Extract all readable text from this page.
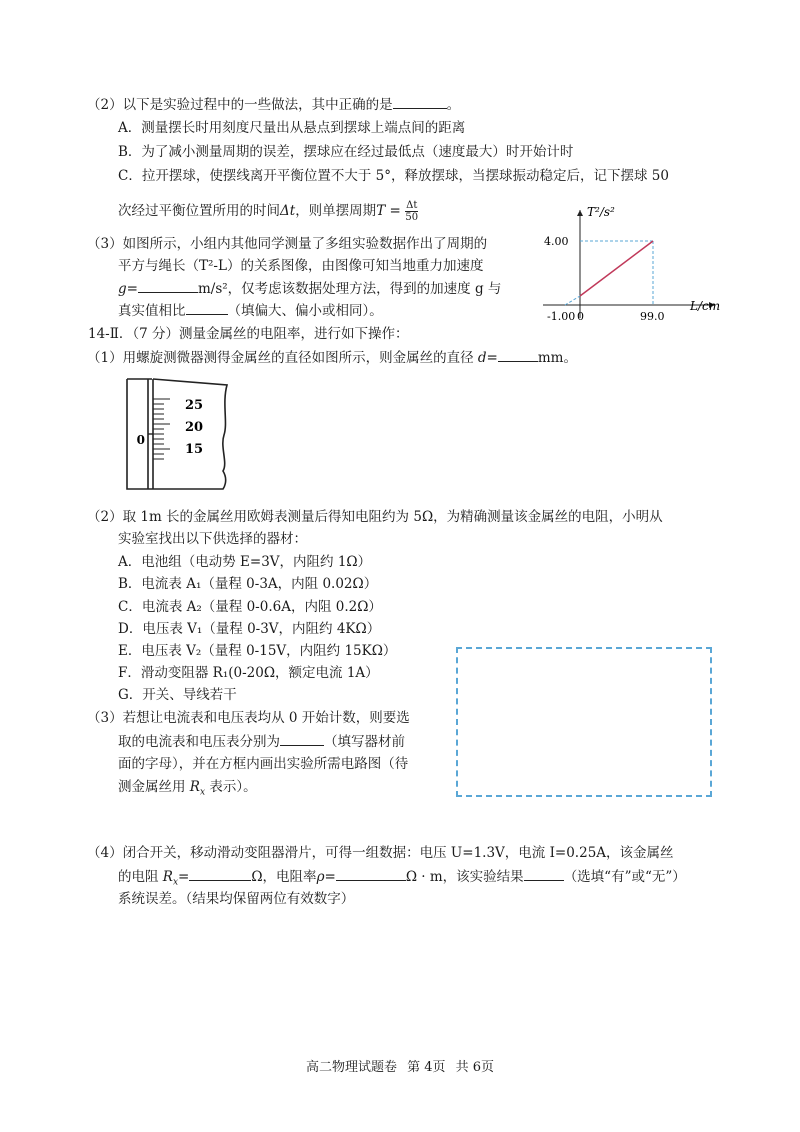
（2）以下是实验过程中的一些做法，其中正确的是	。
A．测量摆长时用刻度尺量出从悬点到摆球上端点间的距离
B．为了减小测量周期的误差，摆球应在经过最低点（速度最大）时开始计时
C．拉开摆球，使摆线离开平衡位置不大于 5°，释放摆球，当摆球振动稳定后，记下摆球 50
次经过平衡位置所用的时间Δt，则单摆周期$T = \frac{\Delta t}{50}$
（3）如图所示，小组内其他同学测量了多组实验数据作出了周期的
平方与绳长（T²-L）的关系图像，由图像可知当地重力加速度
g=	m/s²，仅考虑该数据处理方法，得到的加速度 g 与
真实值相比	（填偏大、偏小或相同）。
T²/s²
4.00
-1.00 0	99.0
L/cm
14-Ⅱ．（7 分）测量金属丝的电阻率，进行如下操作：
（1）用螺旋测微器测得金属丝的直径如图所示，则金属丝的直径 d=	mm。
25
20
15
0
（2）取 1m 长的金属丝用欧姆表测量后得知电阻约为 5Ω，为精确测量该金属丝的电阻，小明从
实验室找出以下供选择的器材：
A．电池组（电动势 E=3V，内阻约 1Ω）
B．电流表 A₁（量程 0-3A，内阻 0.02Ω）
C．电流表 A₂（量程 0-0.6A，内阻 0.2Ω）
D．电压表 V₁（量程 0-3V，内阻约 4KΩ）
E．电压表 V₂（量程 0-15V，内阻约 15KΩ）
F．滑动变阻器 R₁(0-20Ω，额定电流 1A）
G．开关、导线若干
（3）若想让电流表和电压表均从 0 开始计数，则要选
取的电流表和电压表分别为	（填写器材前
面的字母），并在方框内画出实验所需电路图（待
测金属丝用 $R_x$ 表示）。
（4）闭合开关，移动滑动变阻器滑片，可得一组数据：电压 U=1.3V，电流 I=0.25A，该金属丝
的电阻 $R_x=$	Ω，电阻率ρ=	Ω · m，该实验结果	（选填“有”或“无”）
系统误差。（结果均保留两位有效数字）
高二物理试题卷 第 4页 共 6页
